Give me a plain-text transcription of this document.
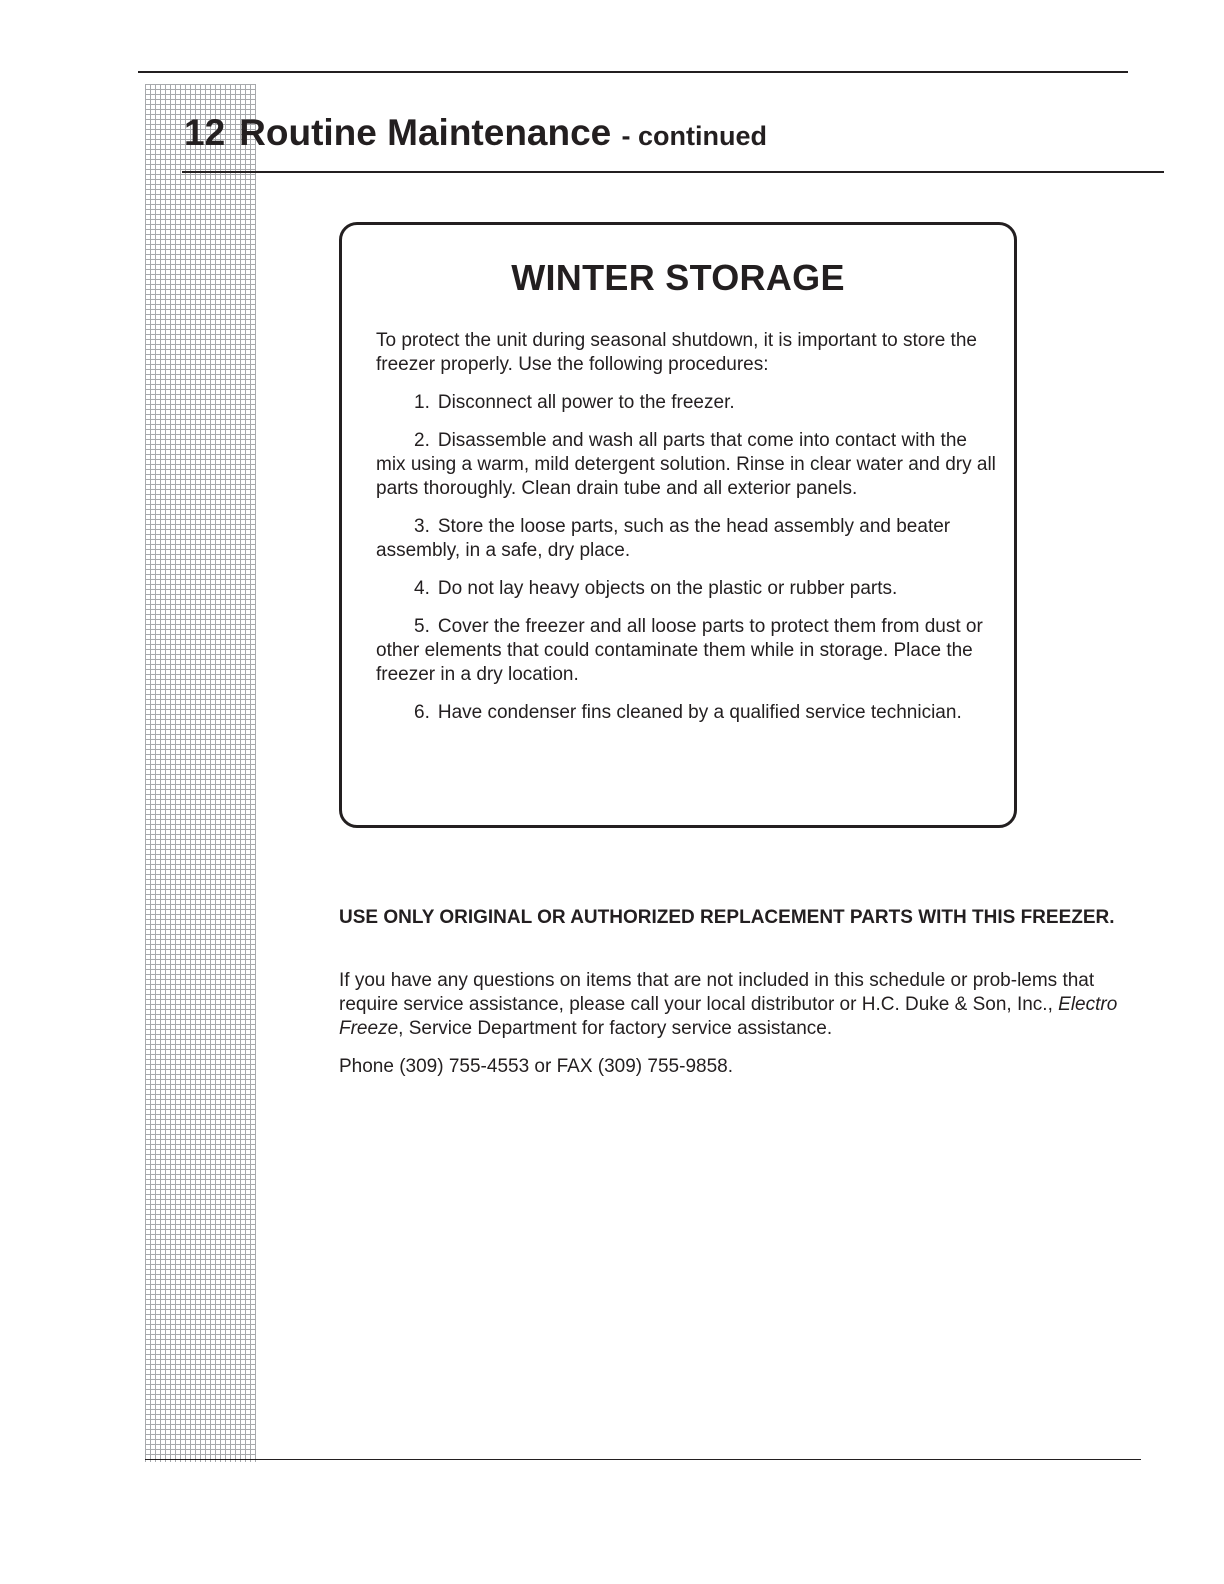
12 Routine Maintenance - continued
WINTER STORAGE

To protect the unit during seasonal shutdown, it is important to store the freezer properly. Use the following procedures:

1. Disconnect all power to the freezer.

2. Disassemble and wash all parts that come into contact with the mix using a warm, mild detergent solution. Rinse in clear water and dry all parts thoroughly. Clean drain tube and all exterior panels.

3. Store the loose parts, such as the head assembly and beater assembly, in a safe, dry place.

4. Do not lay heavy objects on the plastic or rubber parts.

5. Cover the freezer and all loose parts to protect them from dust or other elements that could contaminate them while in storage. Place the freezer in a dry location.

6. Have condenser fins cleaned by a qualified service technician.

USE ONLY ORIGINAL OR AUTHORIZED REPLACEMENT PARTS WITH THIS FREEZER.

If you have any questions on items that are not included in this schedule or prob-lems that require service assistance, please call your local distributor or H.C. Duke & Son, Inc., Electro Freeze, Service Department for factory service assistance.

Phone (309) 755-4553 or FAX (309) 755-9858.
